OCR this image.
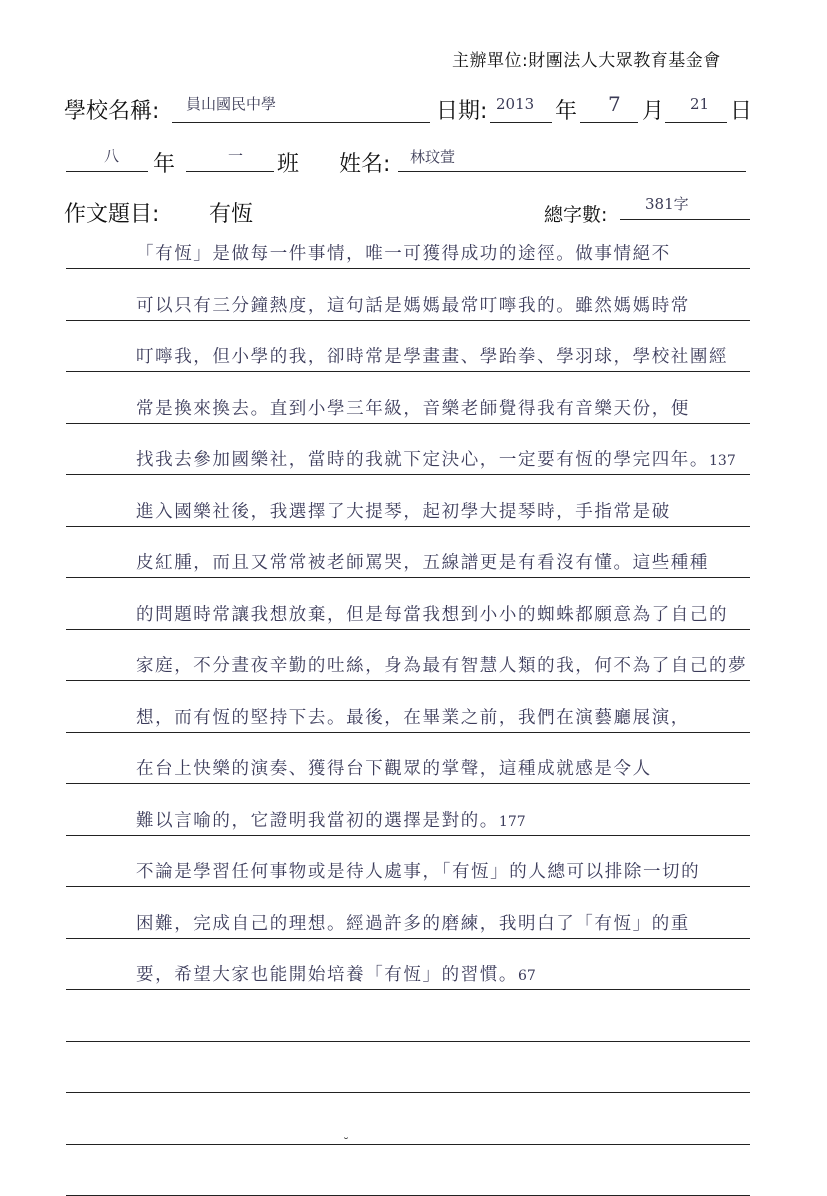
主辦單位:財團法人大眾教育基金會
學校名稱: 員山國民中學	日期: 2013 年 7 月 21 日
八 年	一 班 姓名: 林玟萱
作文題目: 有恆	總字數:	381字
「有恆」是做每一件事情，唯一可獲得成功的途徑。做事情絕不
可以只有三分鐘熱度，這句話是媽媽最常叮嚀我的。雖然媽媽時常
叮嚀我，但小學的我，卻時常是學畫畫、學跆拳、學羽球，學校社團經
常是換來換去。直到小學三年級，音樂老師覺得我有音樂天份，便
找我去參加國樂社，當時的我就下定決心，一定要有恆的學完四年。137
進入國樂社後，我選擇了大提琴，起初學大提琴時，手指常是破
皮紅腫，而且又常常被老師罵哭，五線譜更是有看沒有懂。這些種種
的問題時常讓我想放棄，但是每當我想到小小的蜘蛛都願意為了自己的
家庭，不分晝夜辛勤的吐絲，身為最有智慧人類的我，何不為了自己的夢
想，而有恆的堅持下去。最後，在畢業之前，我們在演藝廳展演，
在台上快樂的演奏、獲得台下觀眾的掌聲，這種成就感是令人
難以言喻的，它證明我當初的選擇是對的。177
不論是學習任何事物或是待人處事，「有恆」的人總可以排除一切的
困難，完成自己的理想。經過許多的磨練，我明白了「有恆」的重
要，希望大家也能開始培養「有恆」的習慣。67
˘
